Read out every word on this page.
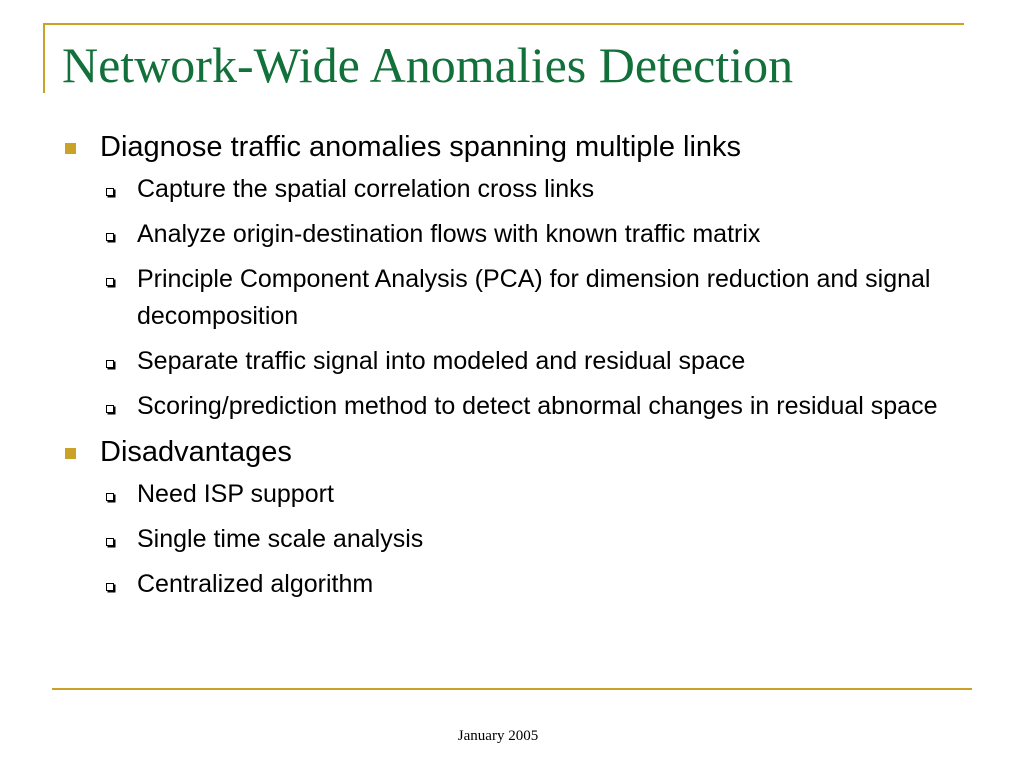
Network-Wide Anomalies Detection
Diagnose traffic anomalies spanning multiple links
Capture the spatial correlation cross links
Analyze origin-destination flows with known traffic matrix
Principle Component Analysis (PCA) for dimension reduction and signal decomposition
Separate traffic signal into modeled and residual space
Scoring/prediction method to detect abnormal changes in residual space
Disadvantages
Need ISP support
Single time scale analysis
Centralized algorithm
January 2005
